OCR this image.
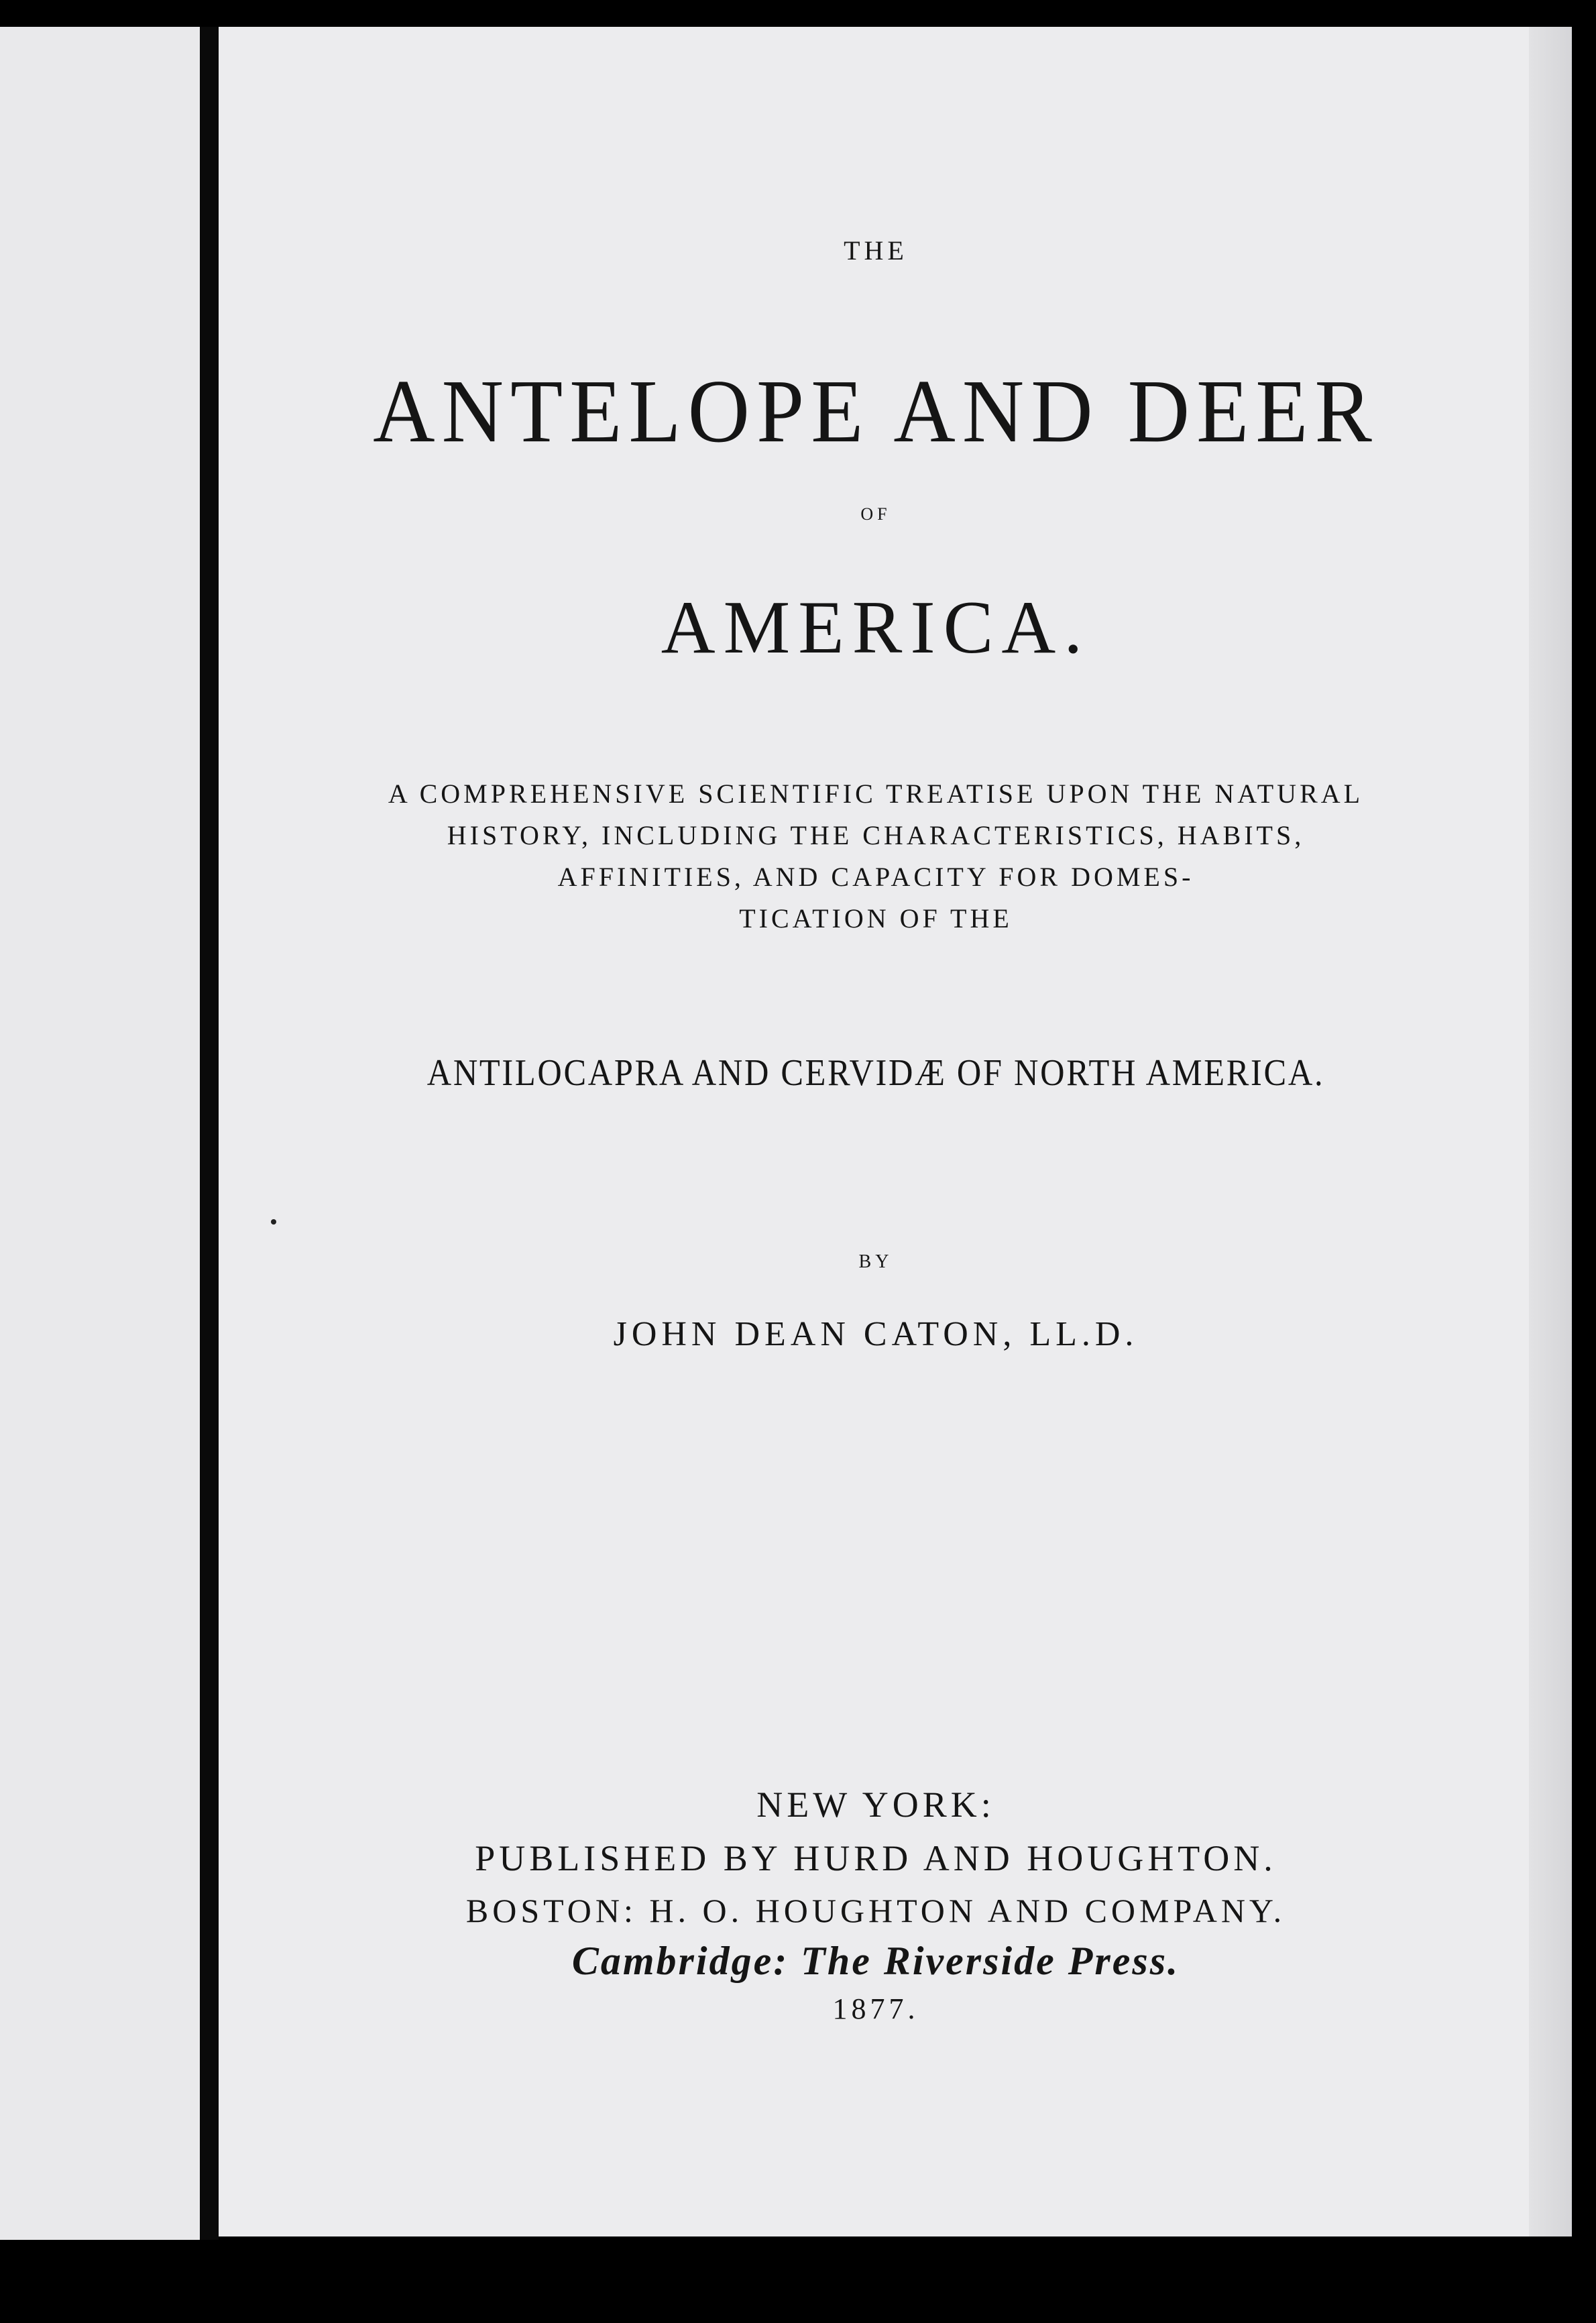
THE
ANTELOPE AND DEER
OF
AMERICA.
A COMPREHENSIVE SCIENTIFIC TREATISE UPON THE NATURAL
HISTORY, INCLUDING THE CHARACTERISTICS, HABITS,
AFFINITIES, AND CAPACITY FOR DOMES-
TICATION OF THE
ANTILOCAPRA AND CERVIDÆ OF NORTH AMERICA.
BY
JOHN DEAN CATON, LL.D.
NEW YORK:
PUBLISHED BY HURD AND HOUGHTON.
BOSTON: H. O. HOUGHTON AND COMPANY.
Cambridge: The Riverside Press.
1877.
